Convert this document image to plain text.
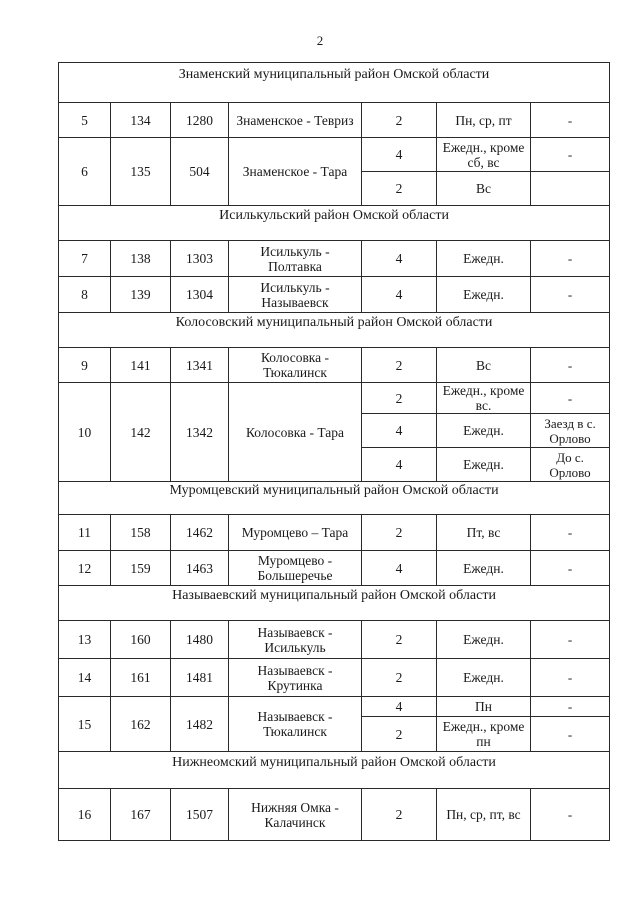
2
Знаменский муниципальный район Омской области						

5	134	1280	Знаменское - Тевриз	2	Пн, ср, пт	-
6	135	504	Знаменское - Тара	4	Ежедн., кроме сб, вс	-
				2	Вс	

Исилькульский район Омской области						

7	138	1303	Исилькуль - Полтавка	4	Ежедн.	-
8	139	1304	Исилькуль - Называевск	4	Ежедн.	-

Колосовский муниципальный район Омской области						

9	141	1341	Колосовка - Тюкалинск	2	Вс	-
10	142	1342	Колосовка - Тара	2	Ежедн., кроме вс.	-
				4	Ежедн.	Заезд в с. Орлово
				4	Ежедн.	До с. Орлово

Муромцевский муниципальный район Омской области						

11	158	1462	Муромцево – Тара	2	Пт, вс	-
12	159	1463	Муромцево - Большеречье	4	Ежедн.	-

Называевский муниципальный район Омской области						

13	160	1480	Называевск - Исилькуль	2	Ежедн.	-
14	161	1481	Называевск - Крутинка	2	Ежедн.	-
15	162	1482	Называевск - Тюкалинск	4	Пн	-
				2	Ежедн., кроме пн	-

Нижнеомский муниципальный район Омской области						

16	167	1507	Нижняя Омка - Калачинск	2	Пн, ср, пт, вс	-
